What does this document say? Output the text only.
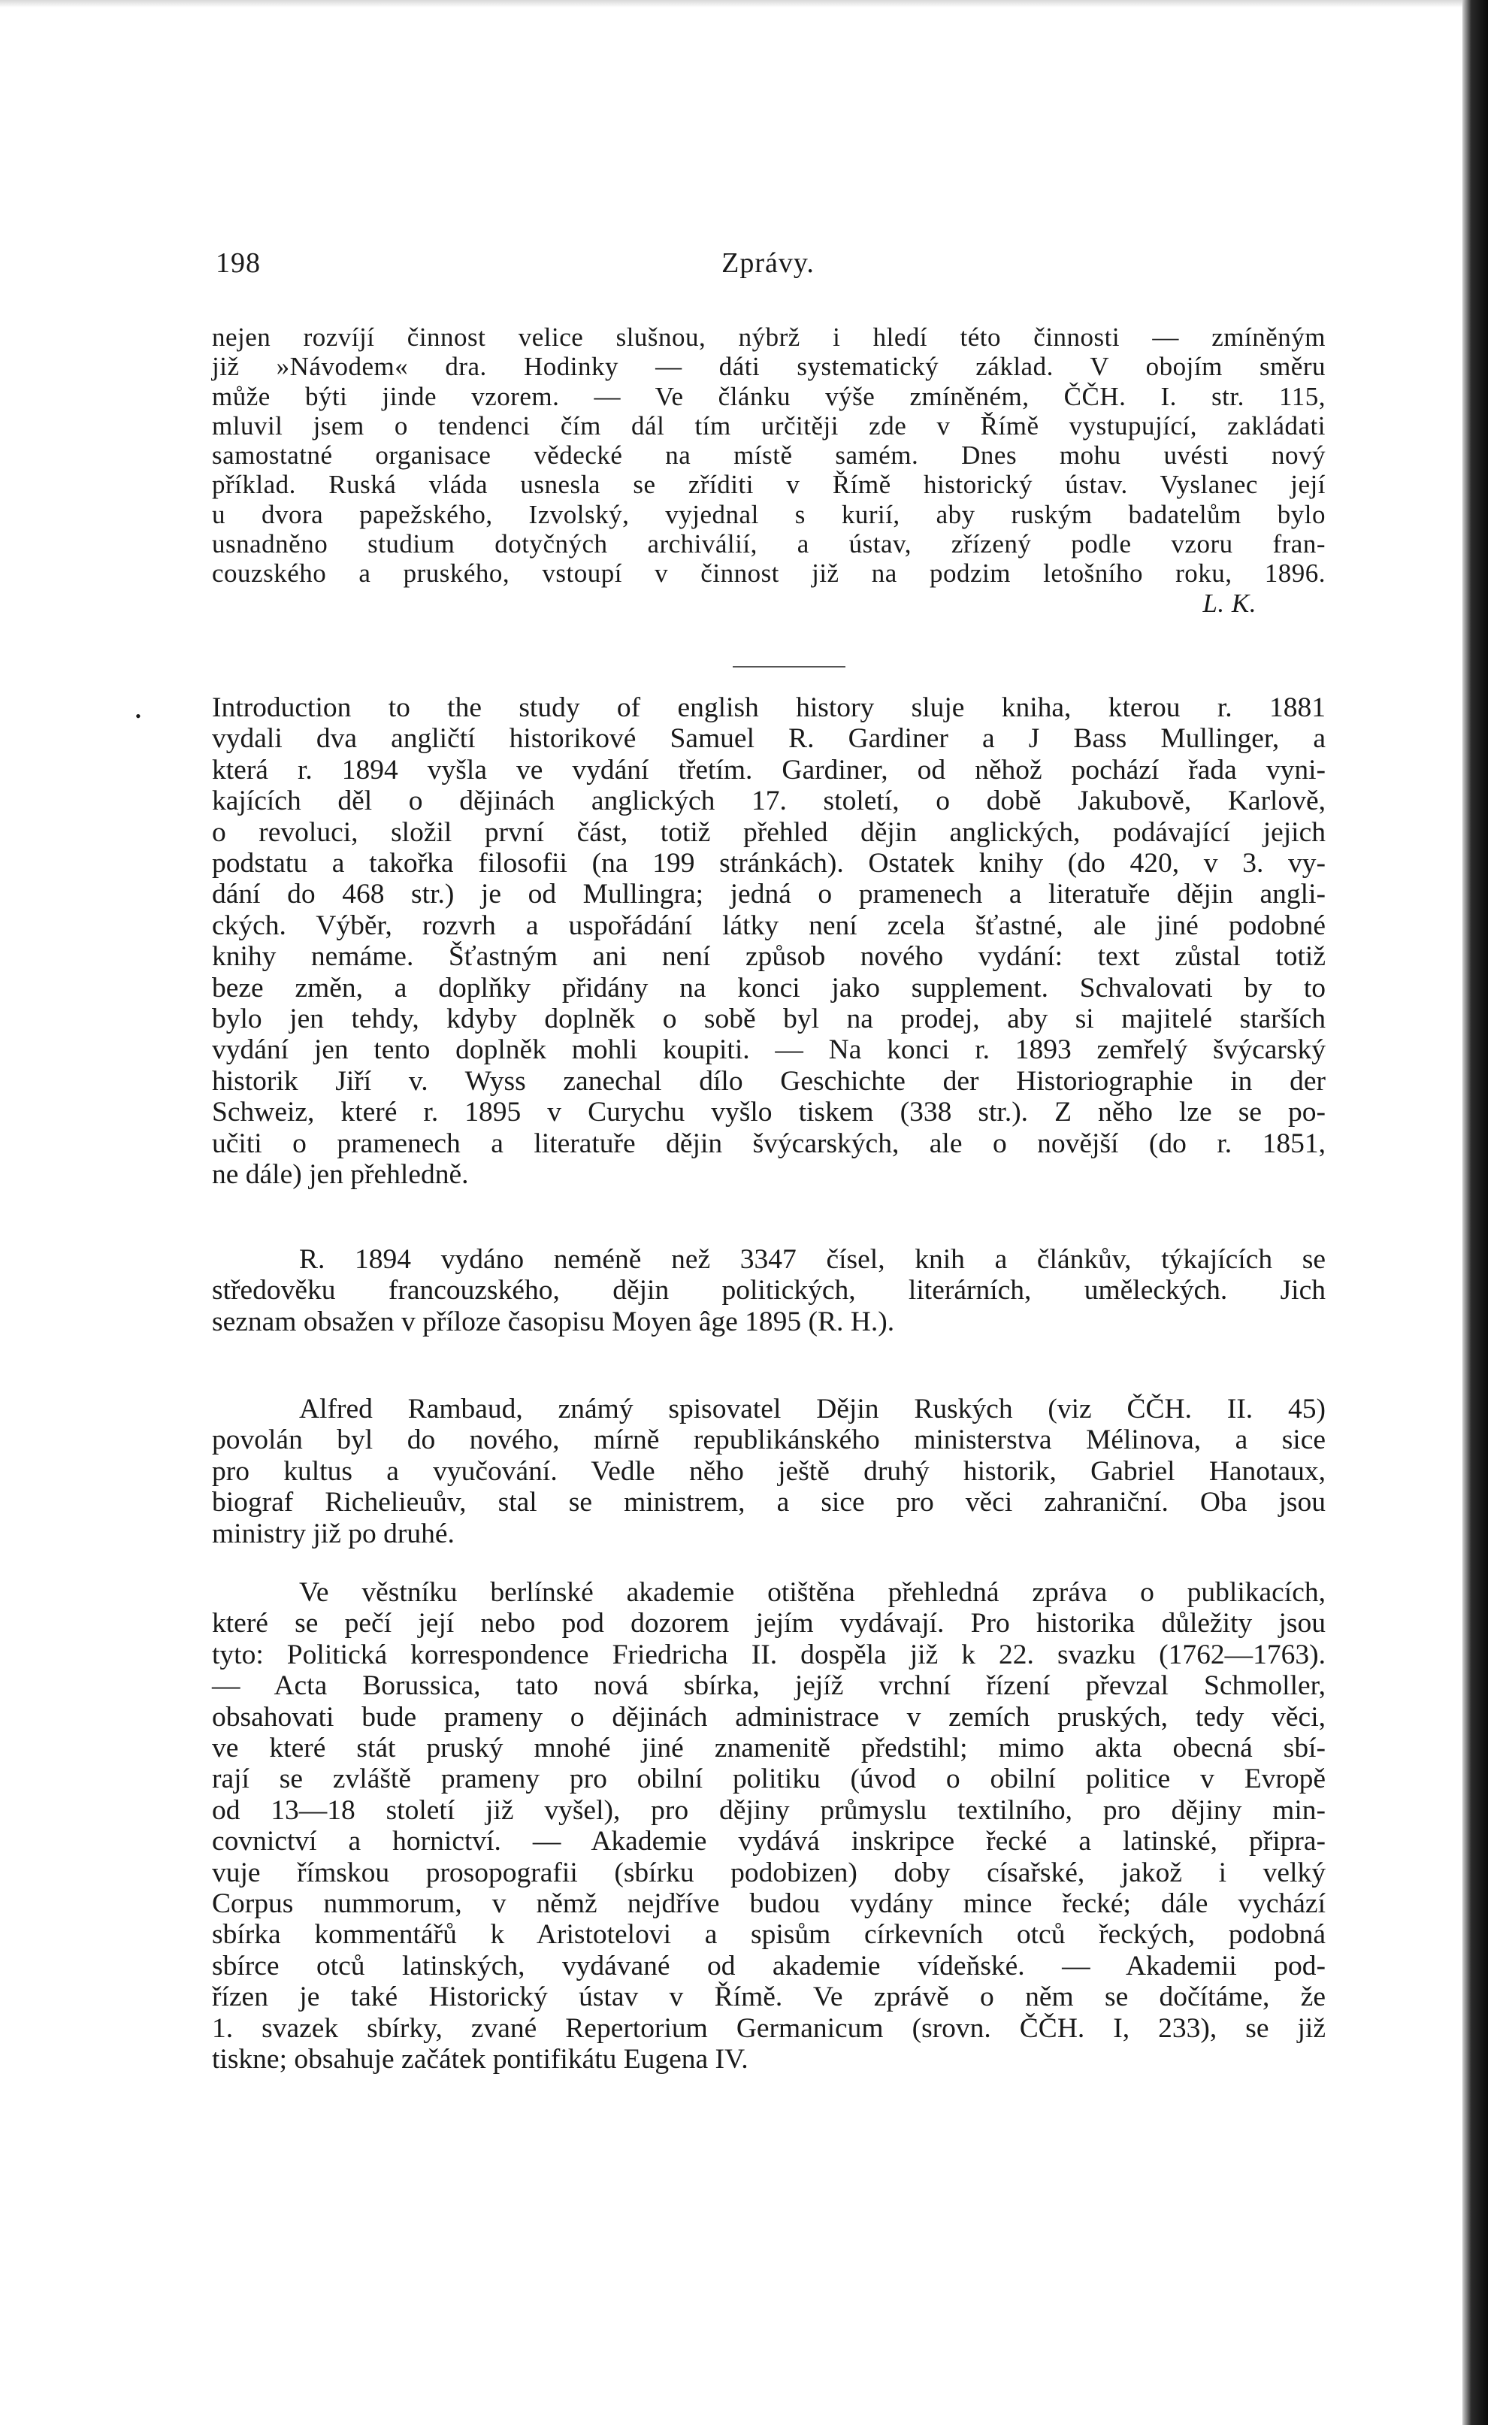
198	Zprávy.
nejen rozvíjí činnost velice slušnou, nýbrž i hledí této činnosti — zmíněným
již »Návodem« dra. Hodinky — dáti systematický základ. V obojím směru
může býti jinde vzorem. — Ve článku výše zmíněném, ČČH. I. str. 115,
mluvil jsem o tendenci čím dál tím určitěji zde v Římě vystupující, zakládati
samostatné organisace vědecké na místě samém. Dnes mohu uvésti nový
příklad. Ruská vláda usnesla se zříditi v Římě historický ústav. Vyslanec její
u dvora papežského, Izvolský, vyjednal s kurií, aby ruským badatelům bylo
usnadněno studium dotyčných archiválií, a ústav, zřízený podle vzoru fran-
couzského a pruského, vstoupí v činnost již na podzim letošního roku, 1896.
L. K.
•	Introduction to the study of english history sluje kniha, kterou r. 1881
vydali dva angličtí historikové Samuel R. Gardiner a J Bass Mullinger, a
která r. 1894 vyšla ve vydání třetím. Gardiner, od něhož pochází řada vyni-
kajících děl o dějinách anglických 17. století, o době Jakubově, Karlově,
o revoluci, složil první část, totiž přehled dějin anglických, podávající jejich
podstatu a takořka filosofii (na 199 stránkách). Ostatek knihy (do 420, v 3. vy-
dání do 468 str.) je od Mullingra; jedná o pramenech a literatuře dějin angli-
ckých. Výběr, rozvrh a uspořádání látky není zcela šťastné, ale jiné podobné
knihy nemáme. Šťastným ani není způsob nového vydání: text zůstal totiž
beze změn, a doplňky přidány na konci jako supplement. Schvalovati by to
bylo jen tehdy, kdyby doplněk o sobě byl na prodej, aby si majitelé starších
vydání jen tento doplněk mohli koupiti. — Na konci r. 1893 zemřelý švýcarský
historik Jiří v. Wyss zanechal dílo Geschichte der Historiographie in der
Schweiz, které r. 1895 v Curychu vyšlo tiskem (338 str.). Z něho lze se po-
učiti o pramenech a literatuře dějin švýcarských, ale o novější (do r. 1851,
ne dále) jen přehledně.
R. 1894 vydáno neméně než 3347 čísel, knih a článkův, týkajících se
středověku francouzského, dějin politických, literárních, uměleckých. Jich
seznam obsažen v příloze časopisu Moyen âge 1895 (R. H.).
Alfred Rambaud, známý spisovatel Dějin Ruských (viz ČČH. II. 45)
povolán byl do nového, mírně republikánského ministerstva Mélinova, a sice
pro kultus a vyučování. Vedle něho ještě druhý historik, Gabriel Hanotaux,
biograf Richelieuův, stal se ministrem, a sice pro věci zahraniční. Oba jsou
ministry již po druhé.
Ve věstníku berlínské akademie otištěna přehledná zpráva o publikacích,
které se pečí její nebo pod dozorem jejím vydávají. Pro historika důležity jsou
tyto: Politická korrespondence Friedricha II. dospěla již k 22. svazku (1762—1763).
— Acta Borussica, tato nová sbírka, jejíž vrchní řízení převzal Schmoller,
obsahovati bude prameny o dějinách administrace v zemích pruských, tedy věci,
ve které stát pruský mnohé jiné znamenitě předstihl; mimo akta obecná sbí-
rají se zvláště prameny pro obilní politiku (úvod o obilní politice v Evropě
od 13—18 století již vyšel), pro dějiny průmyslu textilního, pro dějiny min-
covnictví a hornictví. — Akademie vydává inskripce řecké a latinské, připra-
vuje římskou prosopografii (sbírku podobizen) doby císařské, jakož i velký
Corpus nummorum, v němž nejdříve budou vydány mince řecké; dále vychází
sbírka kommentářů k Aristotelovi a spisům církevních otců řeckých, podobná
sbírce otců latinských, vydávané od akademie vídeňské. — Akademii pod-
řízen je také Historický ústav v Římě. Ve zprávě o něm se dočítáme, že
1. svazek sbírky, zvané Repertorium Germanicum (srovn. ČČH. I, 233), se již
tiskne; obsahuje začátek pontifikátu Eugena IV.
